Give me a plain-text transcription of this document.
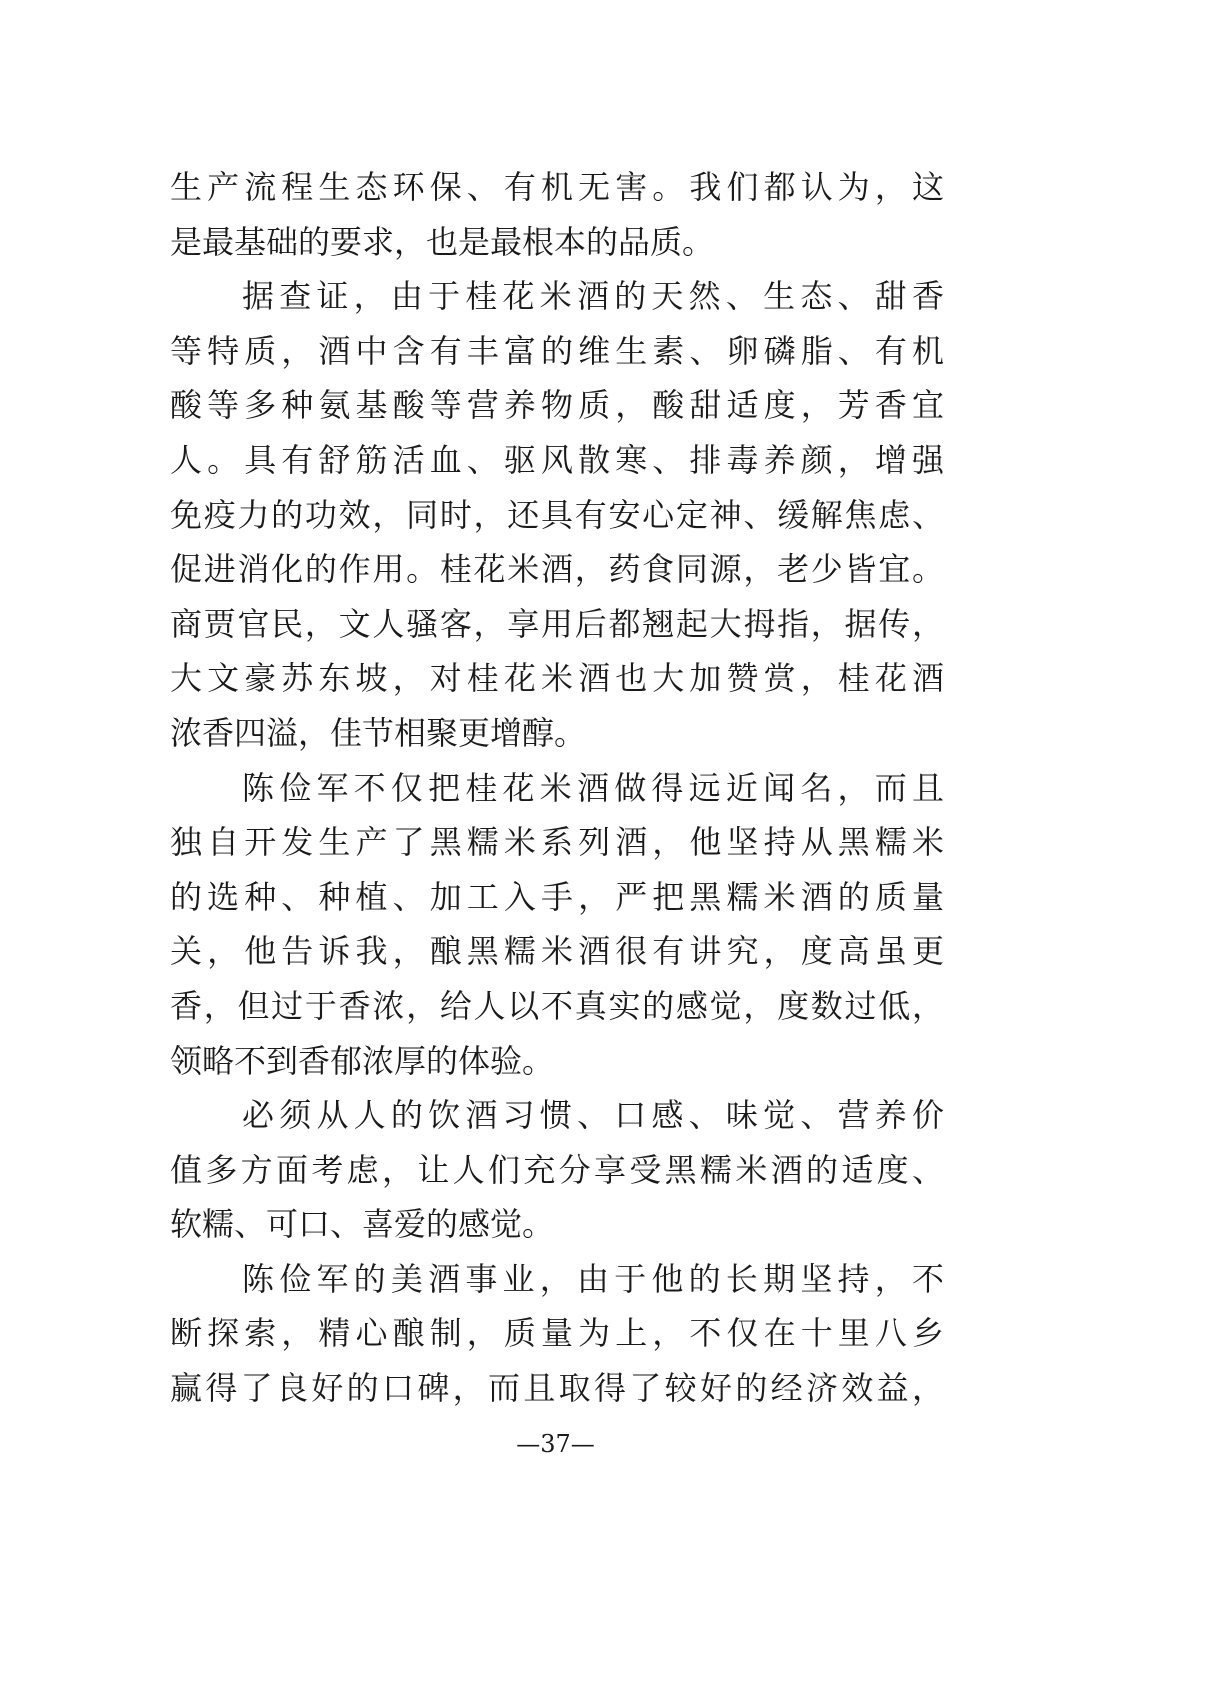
生产流程生态环保、有机无害。我们都认为，这
是最基础的要求，也是最根本的品质。
据查证，由于桂花米酒的天然、生态、甜香
等特质，酒中含有丰富的维生素、卵磷脂、有机
酸等多种氨基酸等营养物质，酸甜适度，芳香宜
人。具有舒筋活血、驱风散寒、排毒养颜，增强
免疫力的功效，同时，还具有安心定神、缓解焦虑、
促进消化的作用。桂花米酒，药食同源，老少皆宜。
商贾官民，文人骚客，享用后都翘起大拇指，据传，
大文豪苏东坡，对桂花米酒也大加赞赏，桂花酒
浓香四溢，佳节相聚更增醇。
陈俭军不仅把桂花米酒做得远近闻名，而且
独自开发生产了黑糯米系列酒，他坚持从黑糯米
的选种、种植、加工入手，严把黑糯米酒的质量
关，他告诉我，酿黑糯米酒很有讲究，度高虽更
香，但过于香浓，给人以不真实的感觉，度数过低，
领略不到香郁浓厚的体验。
必须从人的饮酒习惯、口感、味觉、营养价
值多方面考虑，让人们充分享受黑糯米酒的适度、
软糯、可口、喜爱的感觉。
陈俭军的美酒事业，由于他的长期坚持，不
断探索，精心酿制，质量为上，不仅在十里八乡
赢得了良好的口碑，而且取得了较好的经济效益，
—37—
